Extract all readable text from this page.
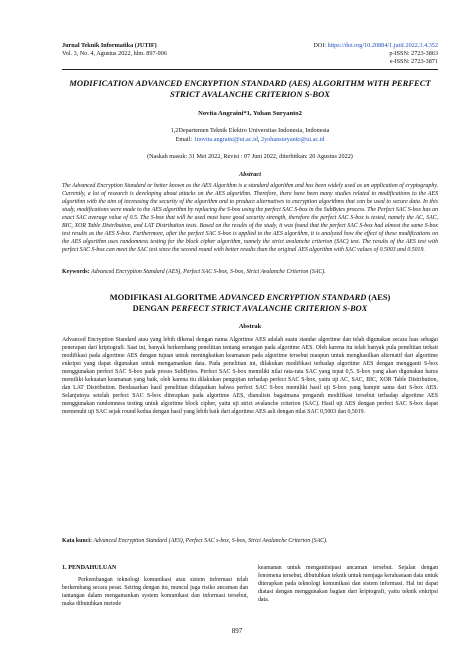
Jurnal Teknik Informatika (JUTIF)
Vol. 3, No. 4, Agustus 2022, hlm. 897-906
DOI: https://doi.org/10.20884/1.jutif.2022.3.4.352
p-ISSN: 2723-3863
e-ISSN: 2723-3871
MODIFICATION ADVANCED ENCRYPTION STANDARD (AES) ALGORITHM WITH PERFECT STRICT AVALANCHE CRITERION S-BOX
Novita Angraini*1, Yohan Suryanto2
1,2Departemen Teknik Elektro Universitas Indonesia, Indonesia
Email: 1novita.angraini@ui.ac.id, 2yohansuryanto@ui.ac.id
(Naskah masuk: 31 Mei 2022, Revisi : 07 Juni 2022, diterbitkan: 20 Agustus 2022)
Abstract
The Advanced Encryption Standard or better known as the AES Algorithm is a standard algorithm and has been widely used as an application of cryptography. Currently, a lot of research is developing about attacks on the AES algorithm. Therefore, there have been many studies related to modifications to the AES algorithm with the aim of increasing the security of the algorithm and to produce alternatives to encryption algorithms that can be used to secure data. In this study, modifications were made to the AES algorithm by replacing the S-box using the perfect SAC S-box in the SubBytes process. The Perfect SAC S-box has an exact SAC average value of 0.5. The S-box that will be used must have good security strength, therefore the perfect SAC S-box is tested, namely the AC, SAC, BIC, XOR Table Distribution, and LAT Distribution tests. Based on the results of the study, it was found that the perfect SAC S-box had almost the same S-box test results as the AES S-box. Furthermore, after the perfect SAC S-box is applied to the AES algorithm, it is analyzed how the effect of these modifications on the AES algorithm uses randomness testing for the block cipher algorithm, namely the strict avalanche criterion (SAC) test. The results of the AES test with perfect SAC S-box can meet the SAC test since the second round with better results than the original AES algorithm with SAC values of 0.5003 and 0.5019.
Keywords: Advanced Encryption Standard (AES), Perfect SAC S-box, S-box, Strict Avalanche Criterion (SAC).
MODIFIKASI ALGORITME ADVANCED ENCRYPTION STANDARD (AES)
DENGAN PERFECT STRICT AVALANCHE CRITERION S-BOX
Abstrak
Advanced Encryption Standard atau yang lebih dikenal dengan nama Algoritme AES adalah suatu standar algoritme dan telah digunakan secara luas sebagai penerapan dari kriptografi. Saat ini, banyak berkembang penelitian tentang serangan pada algoritme AES. Oleh karena itu telah banyak pula penelitian terkait modifikasi pada algoritme AES dengan tujuan untuk meningkatkan keamanan pada algoritme tersebut maupun untuk menghasilkan alternatif dari algoritme enkripsi yang dapat digunakan untuk mengamankan data. Pada penelitian ini, dilakukan modifikasi terhadap algoritme AES dengan mengganti S-box menggunakan perfect SAC S-box pada proses SubBytes. Perfect SAC S-box memiliki nilai rata-rata SAC yang tepat 0,5. S-box yang akan digunakan harus memiliki kekuatan keamanan yang baik, oleh karena itu dilakukan pengujian terhadap perfect SAC S-box, yaitu uji AC, SAC, BIC, XOR Table Distribution, dan LAT Distribution. Berdasarkan hasil penelitian didapatkan bahwa perfect SAC S-box memiliki hasil uji S-box yang hampir sama dari S-box AES. Selanjutnya setelah perfect SAC S-box diterapkan pada algoritme AES, dianalisis bagaimana pengaruh modifikasi tersebut terhadap algoritme AES menggunakan randomness testing untuk algoritme block cipher, yaitu uji strict avalanche criterion (SAC). Hasil uji AES dengan perfect SAC S-box dapat memenuhi uji SAC sejak round kedua dengan hasil yang lebih baik dari algoritme AES asli dengan nilai SAC 0,5003 dan 0,5019.
Kata kunci: Advanced Encryption Standard (AES), Perfect SAC s-box, S-box, Strict Avalanche Criterion (SAC).
1. PENDAHULUAN
Perkembangan teknologi komunikasi atau sistem informasi telah berkembang secara pesat. Seiring dengan itu, muncul juga risiko ancaman dan tantangan dalam mengamankan system komunikasi dan informasi tersebut, maka dibutuhkan metode
keamanan untuk mengantisipasi ancaman tersebut. Sejalan dengan fenomena tersebut, dibutuhkan teknik untuk menjaga kerahasiaan data untuk diterapkan pada teknologi komunikasi dan sistem informasi. Hal ini dapat diatasi dengan menggunakan bagian dari kriptografi, yaitu teknik enkripsi data.
897
